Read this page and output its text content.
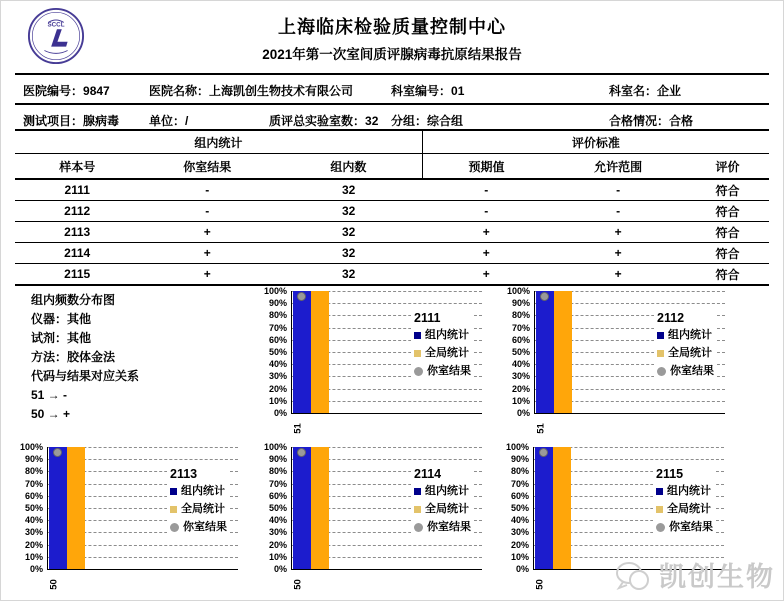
SCCL	上海临床检验质量控制中心
2021年第一次室间质评腺病毒抗原结果报告
医院编号：9847	医院名称：上海凯创生物技术有限公司	科室编号：01	科室名：企业
测试项目：腺病毒 单位：/	质评总实验室数：32 分组：综合组	合格情况：合格
组内统计			评价标准		
样本号	你室结果	组内数	预期值	允许范围	评价
2111	-	32	-	-	符合
2112	-	32	-	-	符合
2113	+	32	+	+	符合
2114	+	32	+	+	符合
2115	+	32	+	+	符合
组内频数分布图
仪器：其他
试剂：其他
方法：胶体金法
代码与结果对应关系
51 → -
50 → +	0%
10%
20%
30%
40%
50%
60%
70%
80%
90%
100%
51
2111
组内统计
全局统计
你室结果
0%
10%
20%
30%
40%
50%
60%
70%
80%
90%
100%
51
2112
组内统计
全局统计
你室结果
0%
10%
20%
30%
40%
50%
60%
70%
80%
90%
100%
50
2113
组内统计
全局统计
你室结果
0%
10%
20%
30%
40%
50%
60%
70%
80%
90%
100%
50
2114
组内统计
全局统计
你室结果
0%
10%
20%
30%
40%
50%
60%
70%
80%
90%
100%
50
2115
组内统计
全局统计
你室结果
凯创生物
